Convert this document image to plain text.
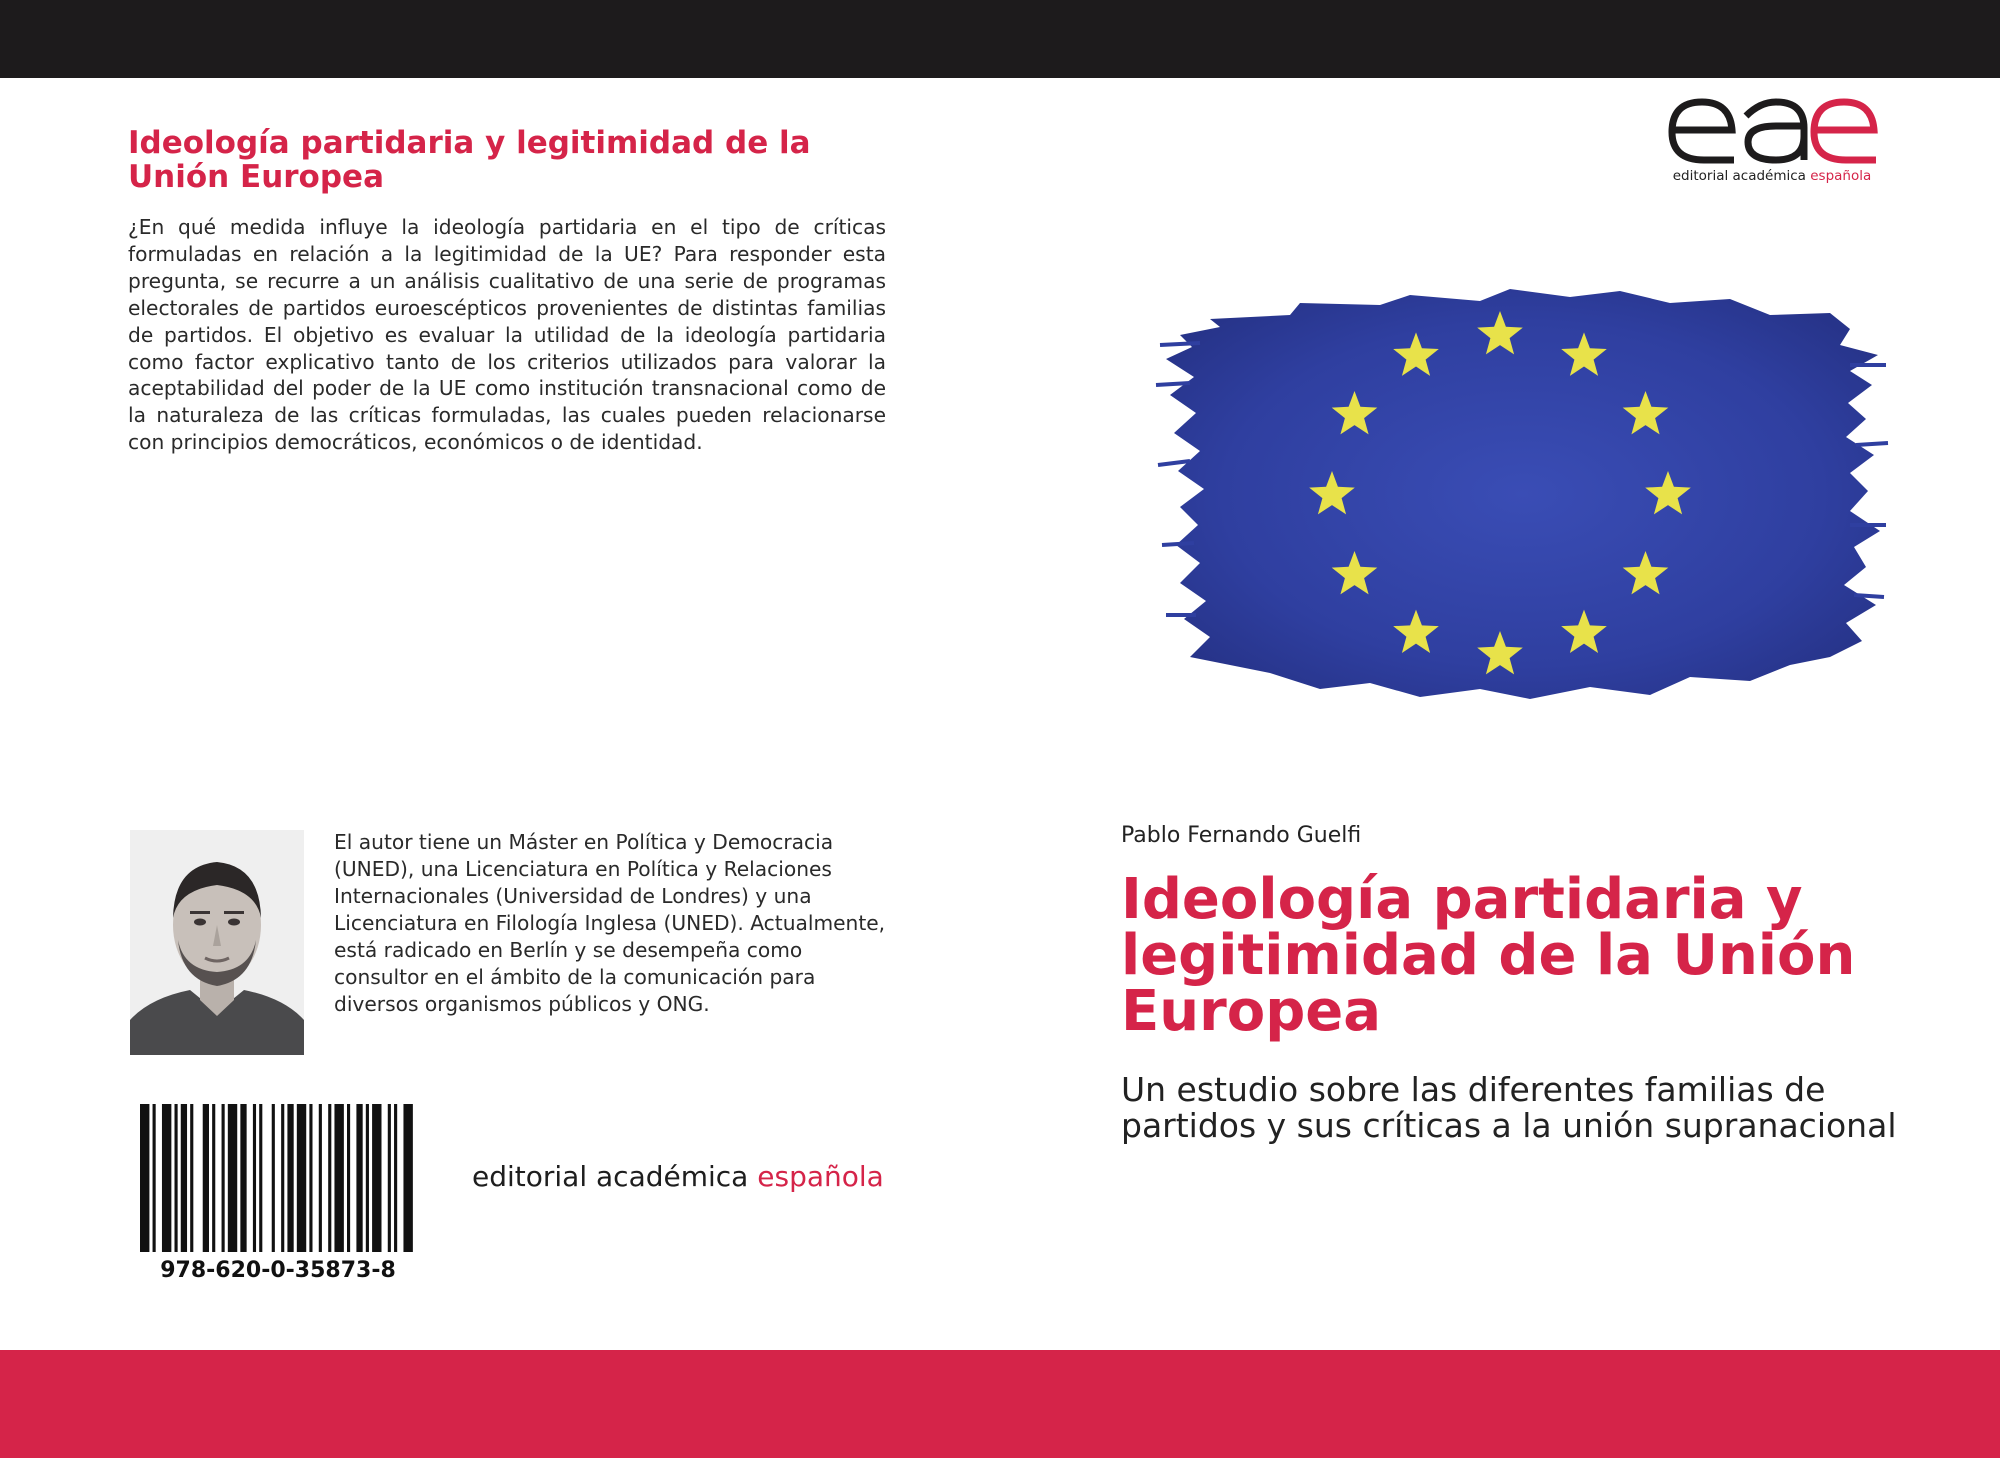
Ideología partidaria y legitimidad de la Unión Europea

¿En qué medida influye la ideología partidaria en el tipo de críticas formuladas en relación a la legitimidad de la UE? Para responder esta pregunta, se recurre a un análisis cualitativo de una serie de programas electorales de partidos euroescépticos provenientes de distintas familias de partidos. El objetivo es evaluar la utilidad de la ideología partidaria como factor explicativo tanto de los criterios utilizados para valorar la aceptabilidad del poder de la UE como institución transnacional como de la naturaleza de las críticas formuladas, las cuales pueden relacionarse con principios democráticos, económicos o de identidad.

El autor tiene un Máster en Política y Democracia (UNED), una Licenciatura en Política y Relaciones Internacionales (Universidad de Londres) y una Licenciatura en Filología Inglesa (UNED). Actualmente, está radicado en Berlín y se desempeña como consultor en el ámbito de la comunicación para diversos organismos públicos y ONG.

978-620-0-35873-8

editorial académica española

editorial académica española

Pablo Fernando Guelfi

Ideología partidaria y legitimidad de la Unión Europea

Un estudio sobre las diferentes familias de partidos y sus críticas a la unión supranacional
